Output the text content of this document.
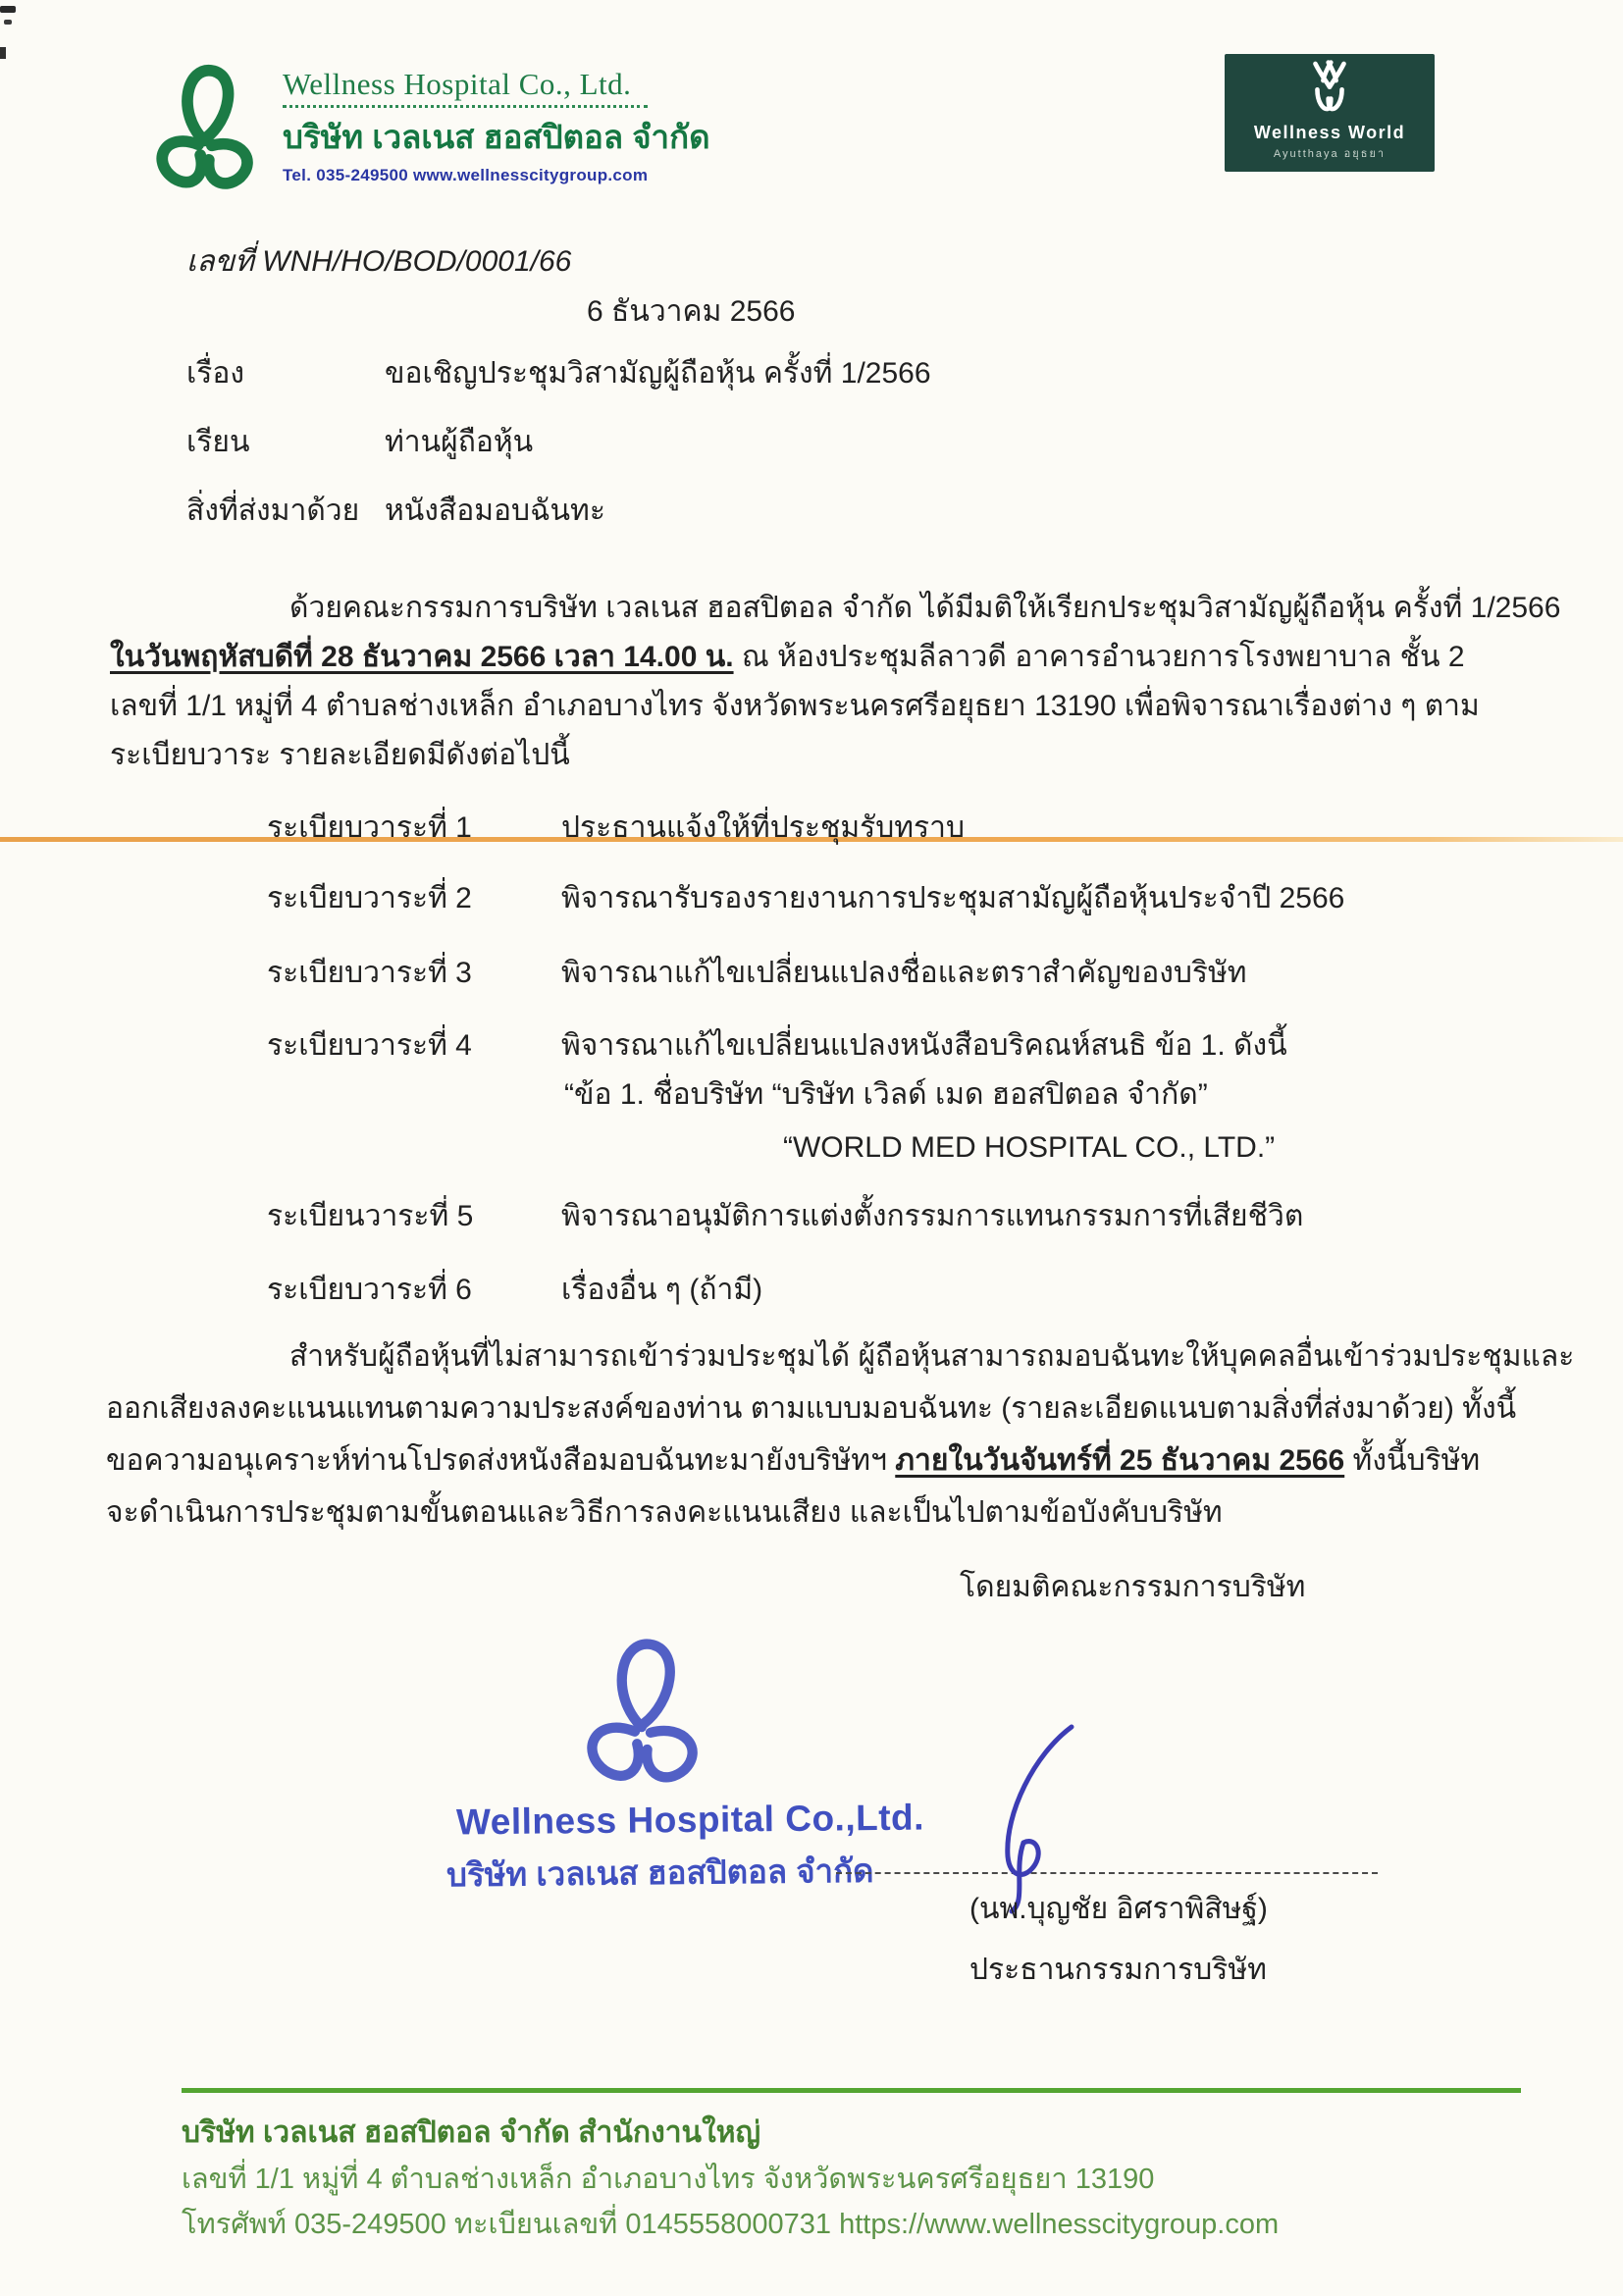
Wellness Hospital Co., Ltd.
บริษัท เวลเนส ฮอสปิตอล จำกัด
Tel. 035-249500 www.wellnesscitygroup.com
Wellness World
Ayutthaya อยุธยา
เลขที่ WNH/HO/BOD/0001/66
6 ธันวาคม 2566
เรื่อง	ขอเชิญประชุมวิสามัญผู้ถือหุ้น ครั้งที่ 1/2566
เรียน	ท่านผู้ถือหุ้น
สิ่งที่ส่งมาด้วย หนังสือมอบฉันทะ
ด้วยคณะกรรมการบริษัท เวลเนส ฮอสปิตอล จำกัด ได้มีมติให้เรียกประชุมวิสามัญผู้ถือหุ้น ครั้งที่ 1/2566
ในวันพฤหัสบดีที่ 28 ธันวาคม 2566 เวลา 14.00 น. ณ ห้องประชุมลีลาวดี อาคารอำนวยการโรงพยาบาล ชั้น 2
เลขที่ 1/1 หมู่ที่ 4 ตำบลช่างเหล็ก อำเภอบางไทร จังหวัดพระนครศรีอยุธยา 13190 เพื่อพิจารณาเรื่องต่าง ๆ ตาม
ระเบียบวาระ รายละเอียดมีดังต่อไปนี้
ระเบียบวาระที่ 1	ประธานแจ้งให้ที่ประชุมรับทราบ
ระเบียบวาระที่ 2	พิจารณารับรองรายงานการประชุมสามัญผู้ถือหุ้นประจำปี 2566
ระเบียบวาระที่ 3	พิจารณาแก้ไขเปลี่ยนแปลงชื่อและตราสำคัญของบริษัท
ระเบียบวาระที่ 4	พิจารณาแก้ไขเปลี่ยนแปลงหนังสือบริคณห์สนธิ ข้อ 1. ดังนี้
“ข้อ 1. ชื่อบริษัท “บริษัท เวิลด์ เมด ฮอสปิตอล จำกัด”
“WORLD MED HOSPITAL CO., LTD.”
ระเบียนวาระที่ 5	พิจารณาอนุมัติการแต่งตั้งกรรมการแทนกรรมการที่เสียชีวิต
ระเบียบวาระที่ 6	เรื่องอื่น ๆ (ถ้ามี)
สำหรับผู้ถือหุ้นที่ไม่สามารถเข้าร่วมประชุมได้ ผู้ถือหุ้นสามารถมอบฉันทะให้บุคคลอื่นเข้าร่วมประชุมและ
ออกเสียงลงคะแนนแทนตามความประสงค์ของท่าน ตามแบบมอบฉันทะ (รายละเอียดแนบตามสิ่งที่ส่งมาด้วย) ทั้งนี้
ขอความอนุเคราะห์ท่านโปรดส่งหนังสือมอบฉันทะมายังบริษัทฯ ภายในวันจันทร์ที่ 25 ธันวาคม 2566 ทั้งนี้บริษัท
จะดำเนินการประชุมตามขั้นตอนและวิธีการลงคะแนนเสียง และเป็นไปตามข้อบังคับบริษัท
โดยมติคณะกรรมการบริษัท
Wellness Hospital Co.,Ltd.
บริษัท เวลเนส ฮอสปิตอล จำกัด
(นพ.บุญชัย อิศราพิสิษฐ์)
ประธานกรรมการบริษัท
บริษัท เวลเนส ฮอสปิตอล จำกัด สำนักงานใหญ่
เลขที่ 1/1 หมู่ที่ 4 ตำบลช่างเหล็ก อำเภอบางไทร จังหวัดพระนครศรีอยุธยา 13190
โทรศัพท์ 035-249500 ทะเบียนเลขที่ 0145558000731 https://www.wellnesscitygroup.com
